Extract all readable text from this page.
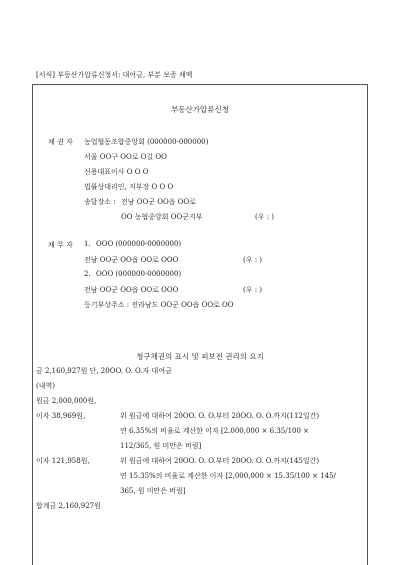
[서식] 부동산가압류신청서: 대여금, 부분 보증 채액
부동산가압류신청
채 권 자 농업협동조합중앙회 (000000-000000)
서울 OO구 OO로 O길 OO
신용대표이사 O O O
법률상대리인, 지부장 O O O
송달장소 : 전남 OO군 OO읍 OO로
OO 농협중앙회 OO군지부	(우 : )
채 무 자 1. OOO (000000-0000000)
전남 OO군 OO읍 OO로 OOO	(우 : )
2. OOO (000000-0000000)
전남 OO군 OO읍 OO로 OOO	(우 : )
등기부상주소 : 전라남도 OO군 OO읍 OO로 OO
청구채권의 표시 및 피보전 권리의 요지
금 2,160,927원 단, 20OO. O. O.자 대여금
(내역)
원금 2,000,000원,
이자 38,969원,	위 원금에 대하여 20OO. O. O.부터 20OO. O. O.까지(112일간)
연 6.35%의 비율로 계산한 이자 [2,000,000 × 6.35/100 ×
112/365, 원 미만은 버림]
이자 121,958원,	위 원금에 대하여 20OO. O. O.부터 20OO. O. O.까지(145일간)
연 15.35%의 비율로 계산한 이자 [2,000,000 × 15.35/100 × 145/
365, 원 미만은 버림]
합계금 2,160,927원
